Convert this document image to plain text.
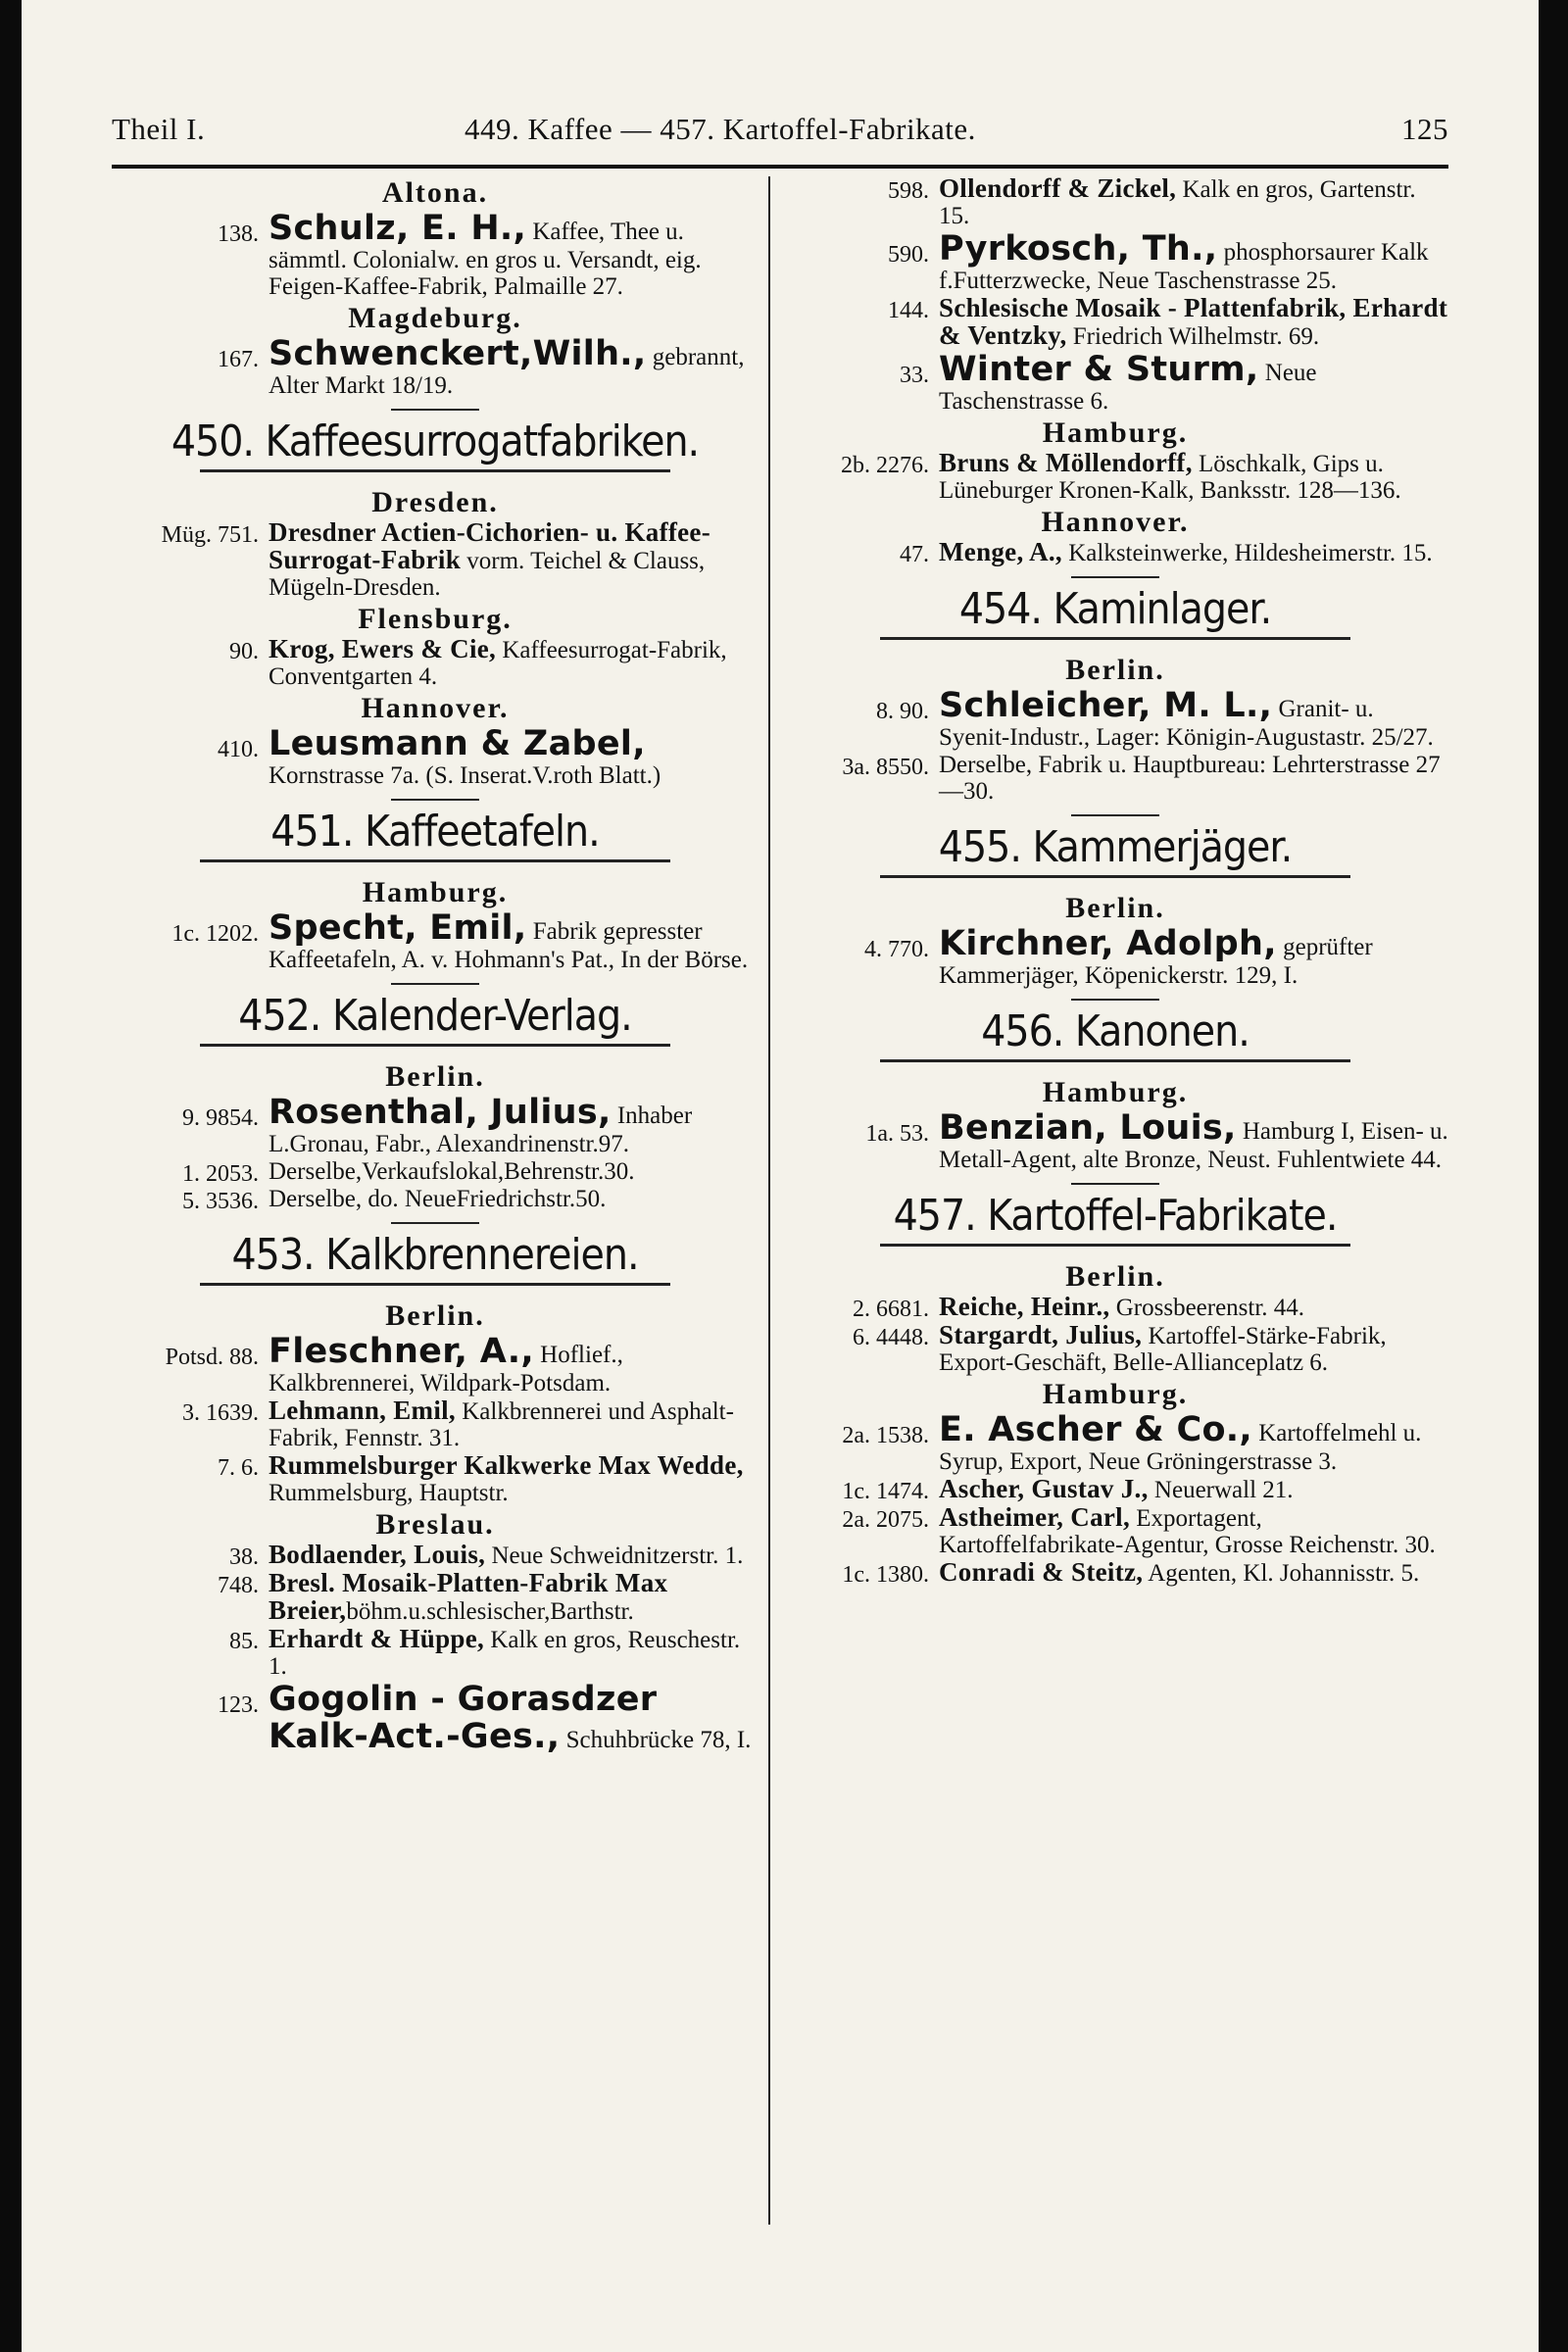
Theil I.	449. Kaffee — 457. Kartoffel-Fabrikate.	125
Altona.
138. Schulz, E. H., Kaffee, Thee u. sämmtl. Colonialw. en gros u. Versandt, eig. Feigen-Kaffee-Fabrik, Palmaille 27.
Magdeburg.
167. Schwenckert,Wilh., gebrannt, Alter Markt 18/19.
450. Kaffeesurrogatfabriken.
Dresden.
Müg. 751. Dresdner Actien-Cichorien- u. Kaffee-Surrogat-Fabrik vorm. Teichel & Clauss, Mügeln-Dresden.
Flensburg.
90. Krog, Ewers & Cie, Kaffeesurrogat-Fabrik, Conventgarten 4.
Hannover.
410. Leusmann & Zabel, Kornstrasse 7a. (S. Inserat.V.roth Blatt.)
451. Kaffeetafeln.
Hamburg.
1c. 1202. Specht, Emil, Fabrik gepresster Kaffeetafeln, A. v. Hohmann's Pat., In der Börse.
452. Kalender-Verlag.
Berlin.
9. 9854. Rosenthal, Julius, Inhaber L.Gronau, Fabr., Alexandrinenstr.97.
1. 2053. Derselbe,Verkaufslokal,Behrenstr.30.
5. 3536. Derselbe, do. NeueFriedrichstr.50.
453. Kalkbrennereien.
Berlin.
Potsd. 88. Fleschner, A., Hoflief., Kalkbrennerei, Wildpark-Potsdam.
3. 1639. Lehmann, Emil, Kalkbrennerei und Asphalt-Fabrik, Fennstr. 31.
7. 6. Rummelsburger Kalkwerke Max Wedde, Rummelsburg, Hauptstr.
Breslau.
38. Bodlaender, Louis, Neue Schweidnitzerstr. 1.
748. Bresl. Mosaik-Platten-Fabrik Max Breier,böhm.u.schlesischer,Barthstr.
85. Erhardt & Hüppe, Kalk en gros, Reuschestr. 1.
123. Gogolin - Gorasdzer Kalk-Act.-Ges., Schuhbrücke 78, I.
598. Ollendorff & Zickel, Kalk en gros, Gartenstr. 15.
590. Pyrkosch, Th., phosphorsaurer Kalk f.Futterzwecke, Neue Taschenstrasse 25.
144. Schlesische Mosaik - Plattenfabrik, Erhardt & Ventzky, Friedrich Wilhelmstr. 69.
33. Winter & Sturm, Neue Taschenstrasse 6.
Hamburg.
2b. 2276. Bruns & Möllendorff, Löschkalk, Gips u. Lüneburger Kronen-Kalk, Banksstr. 128—136.
Hannover.
47. Menge, A., Kalksteinwerke, Hildesheimerstr. 15.
454. Kaminlager.
Berlin.
8. 90. Schleicher, M. L., Granit- u. Syenit-Industr., Lager: Königin-Augustastr. 25/27.
3a. 8550. Derselbe, Fabrik u. Hauptbureau: Lehrterstrasse 27—30.
455. Kammerjäger.
Berlin.
4. 770. Kirchner, Adolph, geprüfter Kammerjäger, Köpenickerstr. 129, I.
456. Kanonen.
Hamburg.
1a. 53. Benzian, Louis, Hamburg I, Eisen- u. Metall-Agent, alte Bronze, Neust. Fuhlentwiete 44.
457. Kartoffel-Fabrikate.
Berlin.
2. 6681. Reiche, Heinr., Grossbeerenstr. 44.
6. 4448. Stargardt, Julius, Kartoffel-Stärke-Fabrik, Export-Geschäft, Belle-Allianceplatz 6.
Hamburg.
2a. 1538. E. Ascher & Co., Kartoffelmehl u. Syrup, Export, Neue Gröningerstrasse 3.
1c. 1474. Ascher, Gustav J., Neuerwall 21.
2a. 2075. Astheimer, Carl, Exportagent, Kartoffelfabrikate-Agentur, Grosse Reichenstr. 30.
1c. 1380. Conradi & Steitz, Agenten, Kl. Johannisstr. 5.
